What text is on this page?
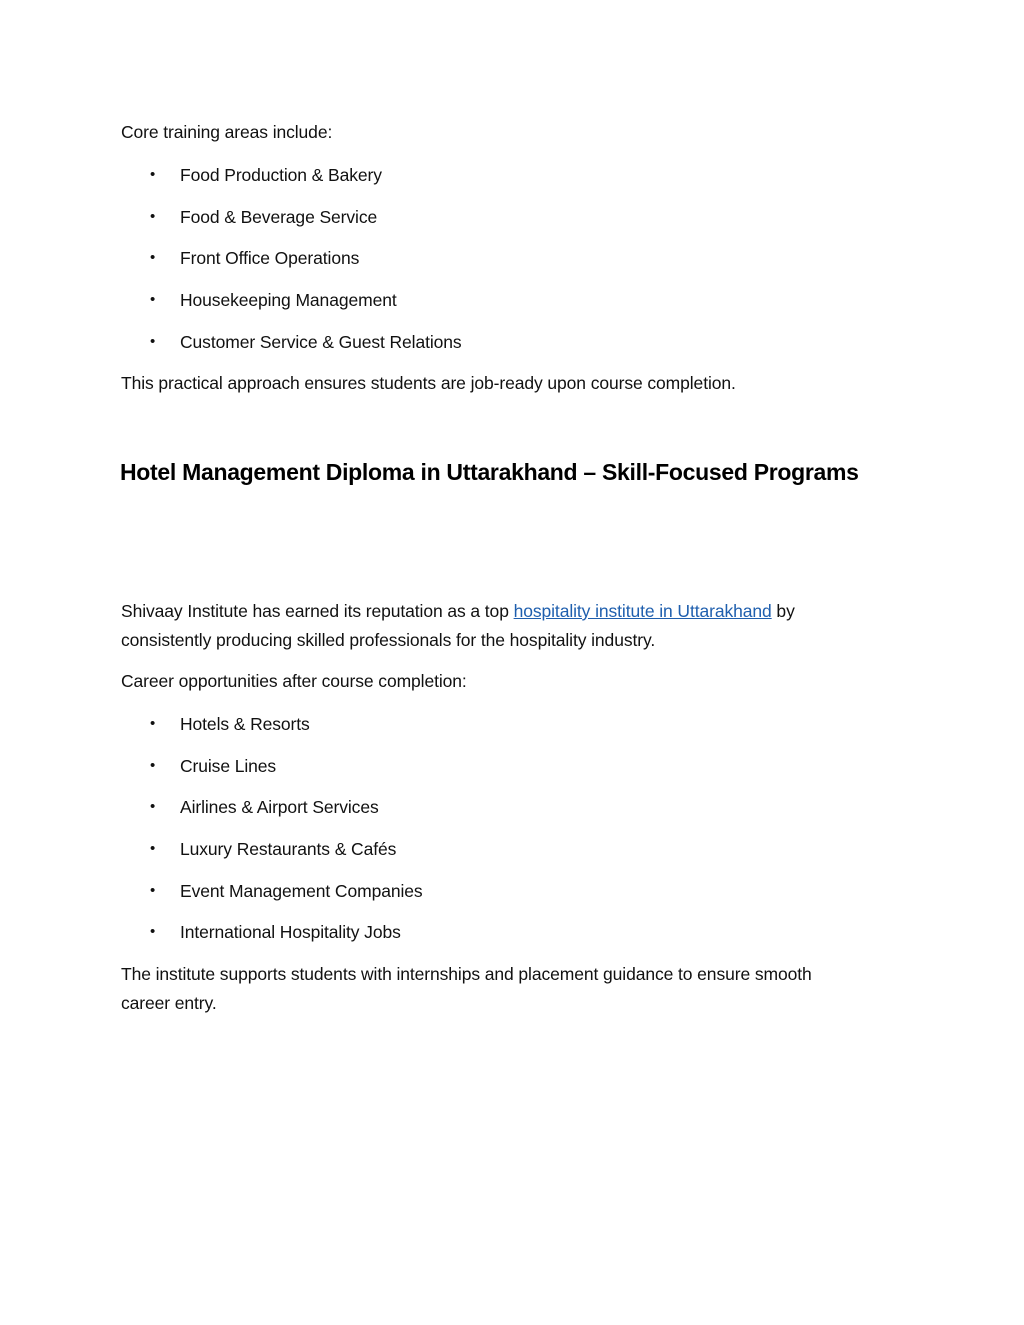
Core training areas include:

• Food Production & Bakery
• Food & Beverage Service
• Front Office Operations
• Housekeeping Management
• Customer Service & Guest Relations

This practical approach ensures students are job-ready upon course completion.

Hotel Management Diploma in Uttarakhand – Skill-Focused Programs

Shivaay Institute has earned its reputation as a top hospitality institute in Uttarakhand by

consistently producing skilled professionals for the hospitality industry.

Career opportunities after course completion:

• Hotels & Resorts
• Cruise Lines
• Airlines & Airport Services
• Luxury Restaurants & Cafés
• Event Management Companies
• International Hospitality Jobs

The institute supports students with internships and placement guidance to ensure smooth

career entry.
